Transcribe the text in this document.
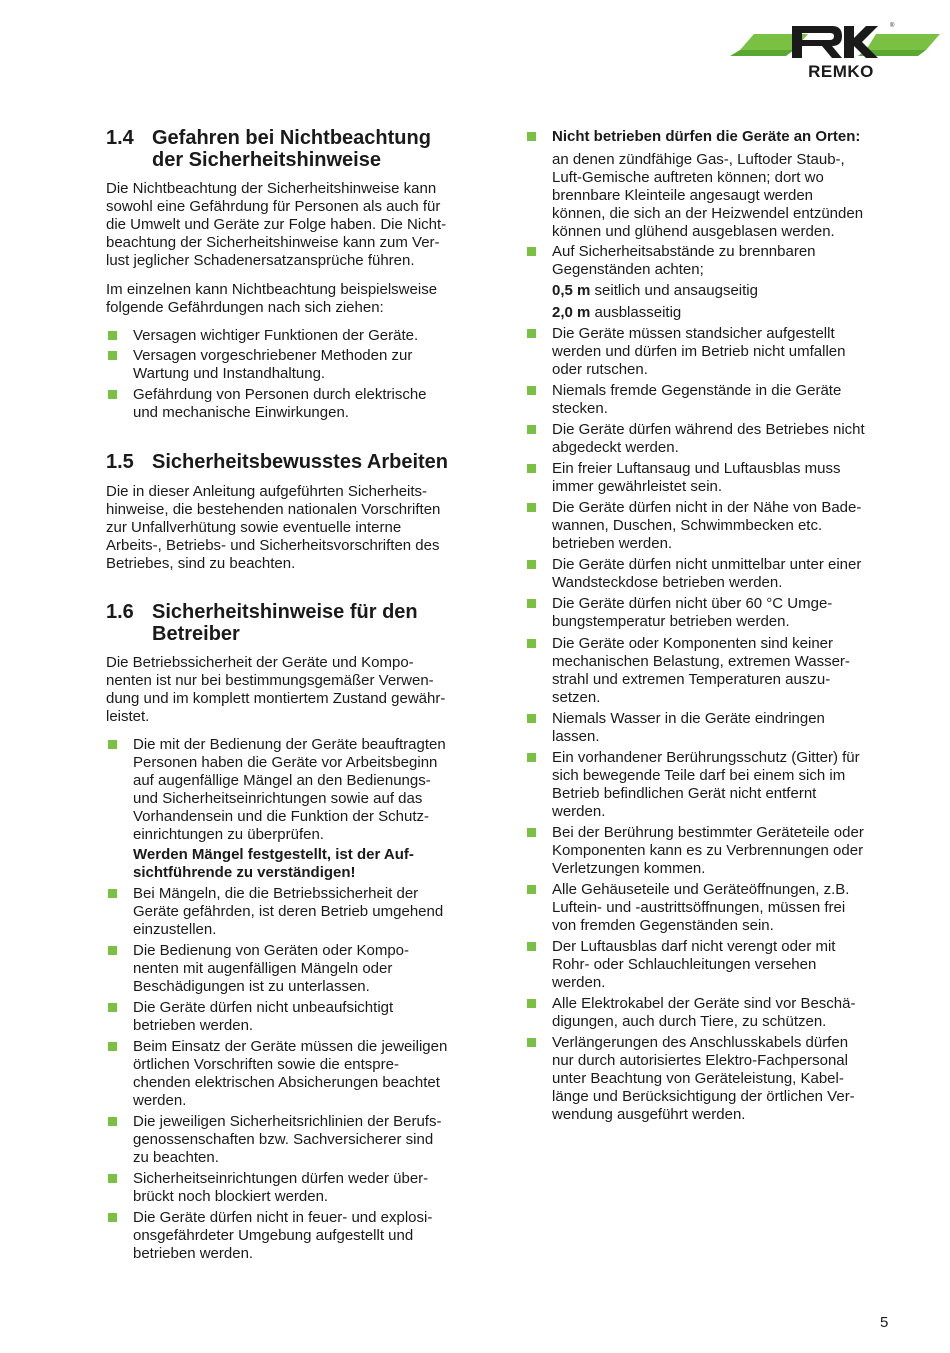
®
REMKO
1.4 Gefahren bei Nichtbeachtung
der Sicherheitshinweise

Die Nichtbeachtung der Sicherheitshinweise kann
sowohl eine Gefährdung für Personen als auch für
die Umwelt und Geräte zur Folge haben. Die Nicht-
beachtung der Sicherheitshinweise kann zum Ver-
lust jeglicher Schadenersatzansprüche führen.

Im einzelnen kann Nichtbeachtung beispielsweise
folgende Gefährdungen nach sich ziehen:

Versagen wichtiger Funktionen der Geräte.
Versagen vorgeschriebener Methoden zur
Wartung und Instandhaltung.
Gefährdung von Personen durch elektrische
und mechanische Einwirkungen.
1.5 Sicherheitsbewusstes Arbeiten

Die in dieser Anleitung aufgeführten Sicherheits-
hinweise, die bestehenden nationalen Vorschriften
zur Unfallverhütung sowie eventuelle interne
Arbeits-, Betriebs- und Sicherheitsvorschriften des
Betriebes, sind zu beachten.

1.6 Sicherheitshinweise für den
Betreiber

Die Betriebssicherheit der Geräte und Kompo-
nenten ist nur bei bestimmungsgemäßer Verwen-
dung und im komplett montiertem Zustand gewähr-
leistet.

Die mit der Bedienung der Geräte beauftragten
Personen haben die Geräte vor Arbeitsbeginn
auf augenfällige Mängel an den Bedienungs-
und Sicherheitseinrichtungen sowie auf das
Vorhandensein und die Funktion der Schutz-
einrichtungen zu überprüfen.
Werden Mängel festgestellt, ist der Auf-
sichtführende zu verständigen!
Bei Mängeln, die die Betriebssicherheit der
Geräte gefährden, ist deren Betrieb umgehend
einzustellen.
Die Bedienung von Geräten oder Kompo-
nenten mit augenfälligen Mängeln oder
Beschädigungen ist zu unterlassen.
Die Geräte dürfen nicht unbeaufsichtigt
betrieben werden.
Beim Einsatz der Geräte müssen die jeweiligen
örtlichen Vorschriften sowie die entspre-
chenden elektrischen Absicherungen beachtet
werden.
Die jeweiligen Sicherheitsrichlinien der Berufs-
genossenschaften bzw. Sachversicherer sind
zu beachten.
Sicherheitseinrichtungen dürfen weder über-
brückt noch blockiert werden.
Die Geräte dürfen nicht in feuer- und explosi-
onsgefährdeter Umgebung aufgestellt und
betrieben werden.
Nicht betrieben dürfen die Geräte an Orten:
an denen zündfähige Gas-, Luftoder Staub-,
Luft-Gemische auftreten können; dort wo
brennbare Kleinteile angesaugt werden
können, die sich an der Heizwendel entzünden
können und glühend ausgeblasen werden.
Auf Sicherheitsabstände zu brennbaren
Gegenständen achten;
0,5 m seitlich und ansaugseitig
2,0 m ausblasseitig
Die Geräte müssen standsicher aufgestellt
werden und dürfen im Betrieb nicht umfallen
oder rutschen.
Niemals fremde Gegenstände in die Geräte
stecken.
Die Geräte dürfen während des Betriebes nicht
abgedeckt werden.
Ein freier Luftansaug und Luftausblas muss
immer gewährleistet sein.
Die Geräte dürfen nicht in der Nähe von Bade-
wannen, Duschen, Schwimmbecken etc.
betrieben werden.
Die Geräte dürfen nicht unmittelbar unter einer
Wandsteckdose betrieben werden.
Die Geräte dürfen nicht über 60 °C Umge-
bungstemperatur betrieben werden.
Die Geräte oder Komponenten sind keiner
mechanischen Belastung, extremen Wasser-
strahl und extremen Temperaturen auszu-
setzen.
Niemals Wasser in die Geräte eindringen
lassen.
Ein vorhandener Berührungsschutz (Gitter) für
sich bewegende Teile darf bei einem sich im
Betrieb befindlichen Gerät nicht entfernt
werden.
Bei der Berührung bestimmter Geräteteile oder
Komponenten kann es zu Verbrennungen oder
Verletzungen kommen.
Alle Gehäuseteile und Geräteöffnungen, z.B.
Luftein- und -austrittsöffnungen, müssen frei
von fremden Gegenständen sein.
Der Luftausblas darf nicht verengt oder mit
Rohr- oder Schlauchleitungen versehen
werden.
Alle Elektrokabel der Geräte sind vor Beschä-
digungen, auch durch Tiere, zu schützen.
Verlängerungen des Anschlusskabels dürfen
nur durch autorisiertes Elektro-Fachpersonal
unter Beachtung von Geräteleistung, Kabel-
länge und Berücksichtigung der örtlichen Ver-
wendung ausgeführt werden.
5
